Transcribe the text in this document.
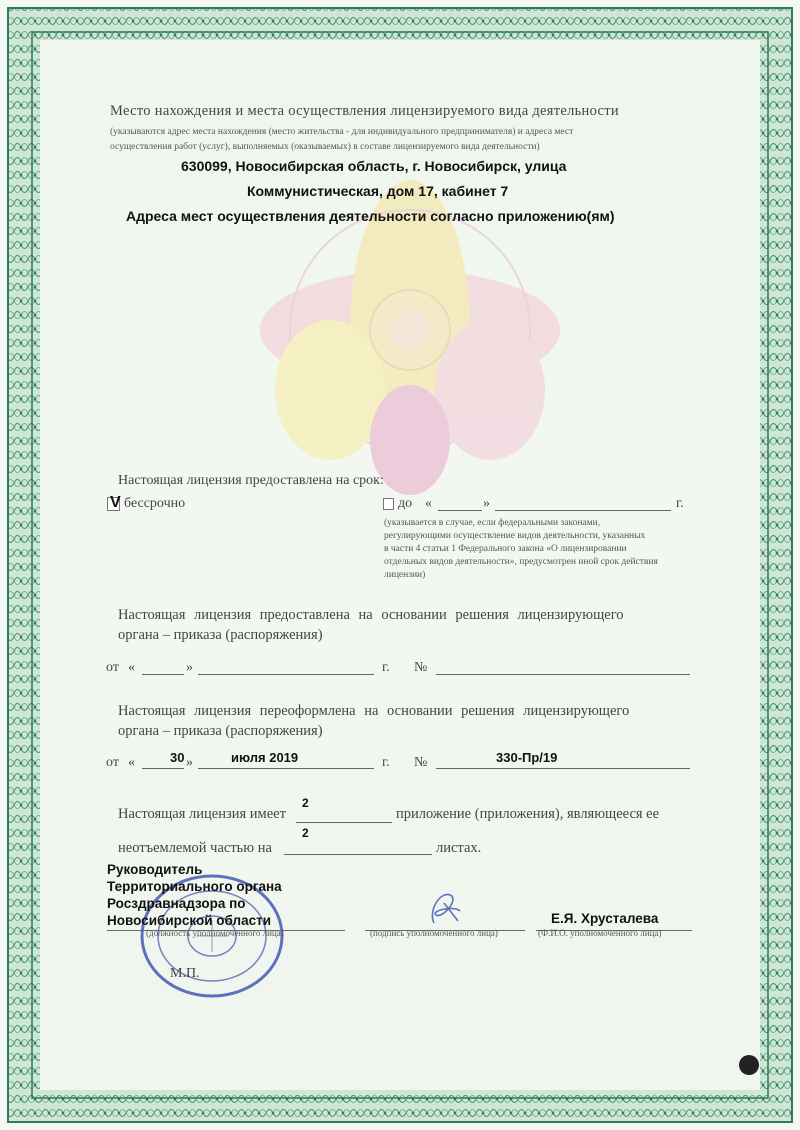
Место нахождения и места осуществления лицензируемого вида деятельности
(указываются адрес места нахождения (место жительства - для индивидуального предпринимателя) и адреса мест
осуществления работ (услуг), выполняемых (оказываемых) в составе лицензируемого вида деятельности)
630099, Новосибирская область, г. Новосибирск, улица
Коммунистическая, дом 17, кабинет 7
Адреса мест осуществления деятельности согласно приложению(ям)
Настоящая лицензия предоставлена на срок:
V бессрочно	до «	»	г.
(указывается в случае, если федеральными законами,
регулирующими осуществление видов деятельности, указанных
в части 4 статьи 1 Федерального закона «О лицензировании
отдельных видов деятельности», предусмотрен иной срок действия
лицензии)
Настоящая лицензия предоставлена на основании решения лицензирующего
органа – приказа (распоряжения)
от «	»	г. №
Настоящая лицензия переоформлена на основании решения лицензирующего
органа – приказа (распоряжения)
от «	30 »	июля 2019	г. №	330-Пр/19
Настоящая лицензия имеет
2
приложение (приложения), являющееся ее
неотъемлемой частью на
2
листах.
Руководитель
Территориального органа
Росздравнадзора по
Новосибирской области
(должность уполномоченного лица)	(подпись уполномоченного лица)
Е.Я. Хрусталева
(Ф.И.О. уполномоченного лица)
М.П.
